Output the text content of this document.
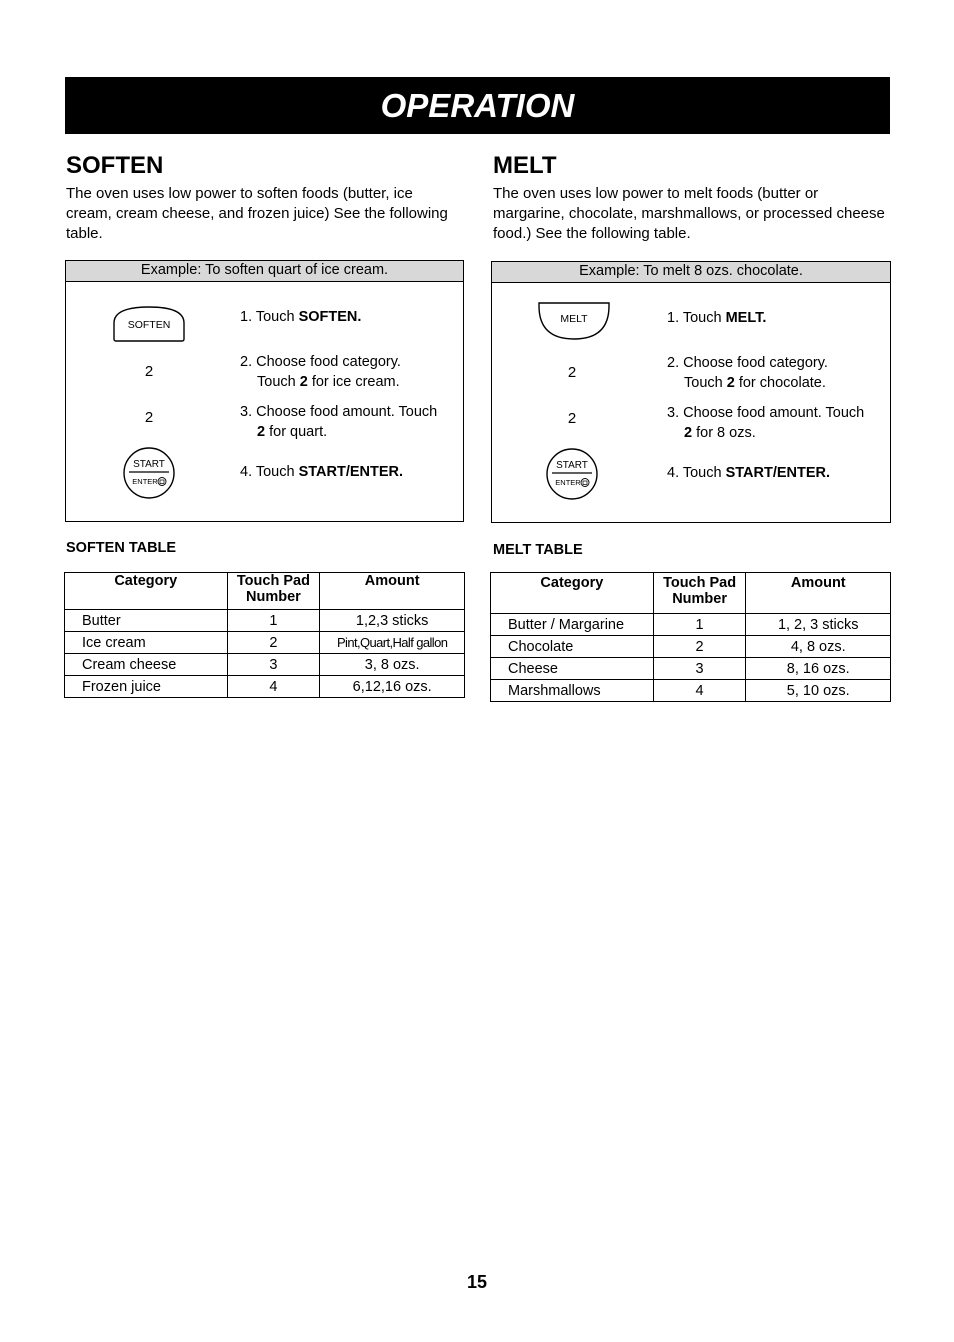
OPERATION
SOFTEN

The oven uses low power to soften foods (butter, ice cream, cream cheese, and frozen juice) See the following table.

Example: To soften quart of ice cream.
SOFTEN
2
2
START
ENTER
1. Touch SOFTEN.
2. Choose food category.
Touch 2 for ice cream.
3. Choose food amount. Touch
2 for quart.
4. Touch START/ENTER.
SOFTEN TABLE
Category	Touch Pad
Number	Amount
Butter	1	1,2,3 sticks
Ice cream	2	Pint,Quart,Half gallon
Cream cheese	3	3, 8 ozs.
Frozen juice	4	6,12,16 ozs.
MELT

The oven uses low power to melt foods (butter or margarine, chocolate, marshmallows, or processed cheese food.) See the following table.

Example: To melt 8 ozs. chocolate.
MELT
2
2
START
ENTER
1. Touch MELT.
2. Choose food category.
Touch 2 for chocolate.
3. Choose food amount. Touch
2 for 8 ozs.
4. Touch START/ENTER.
MELT TABLE
Category	Touch Pad
Number	Amount
Butter / Margarine	1	1, 2, 3 sticks
Chocolate	2	4, 8 ozs.
Cheese	3	8, 16 ozs.
Marshmallows	4	5, 10 ozs.
15
